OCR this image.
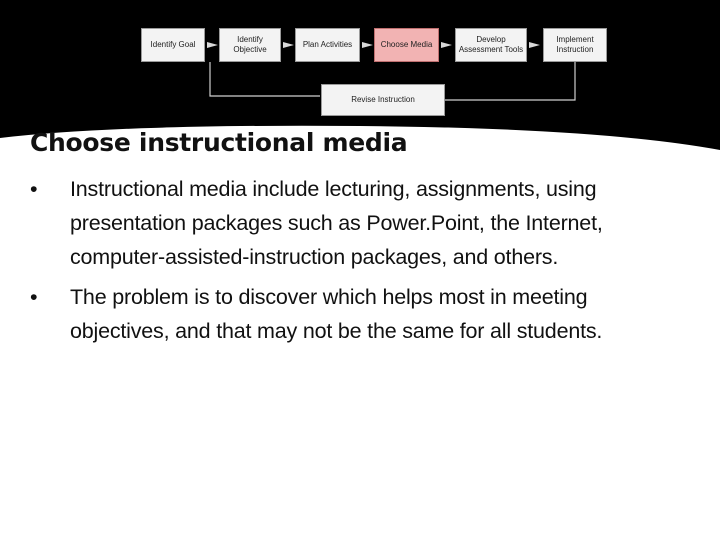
Identify Goal
Identify Objective
Plan Activities	Choose Media
Develop Assessment Tools
Implement Instruction
Revise Instruction
Choose instructional media
• Instructional media include lecturing, assignments, using presentation packages such as Power.Point, the Internet, computer-assisted-instruction packages, and others.
• The problem is to discover which helps most in meeting objectives, and that may not be the same for all students.
